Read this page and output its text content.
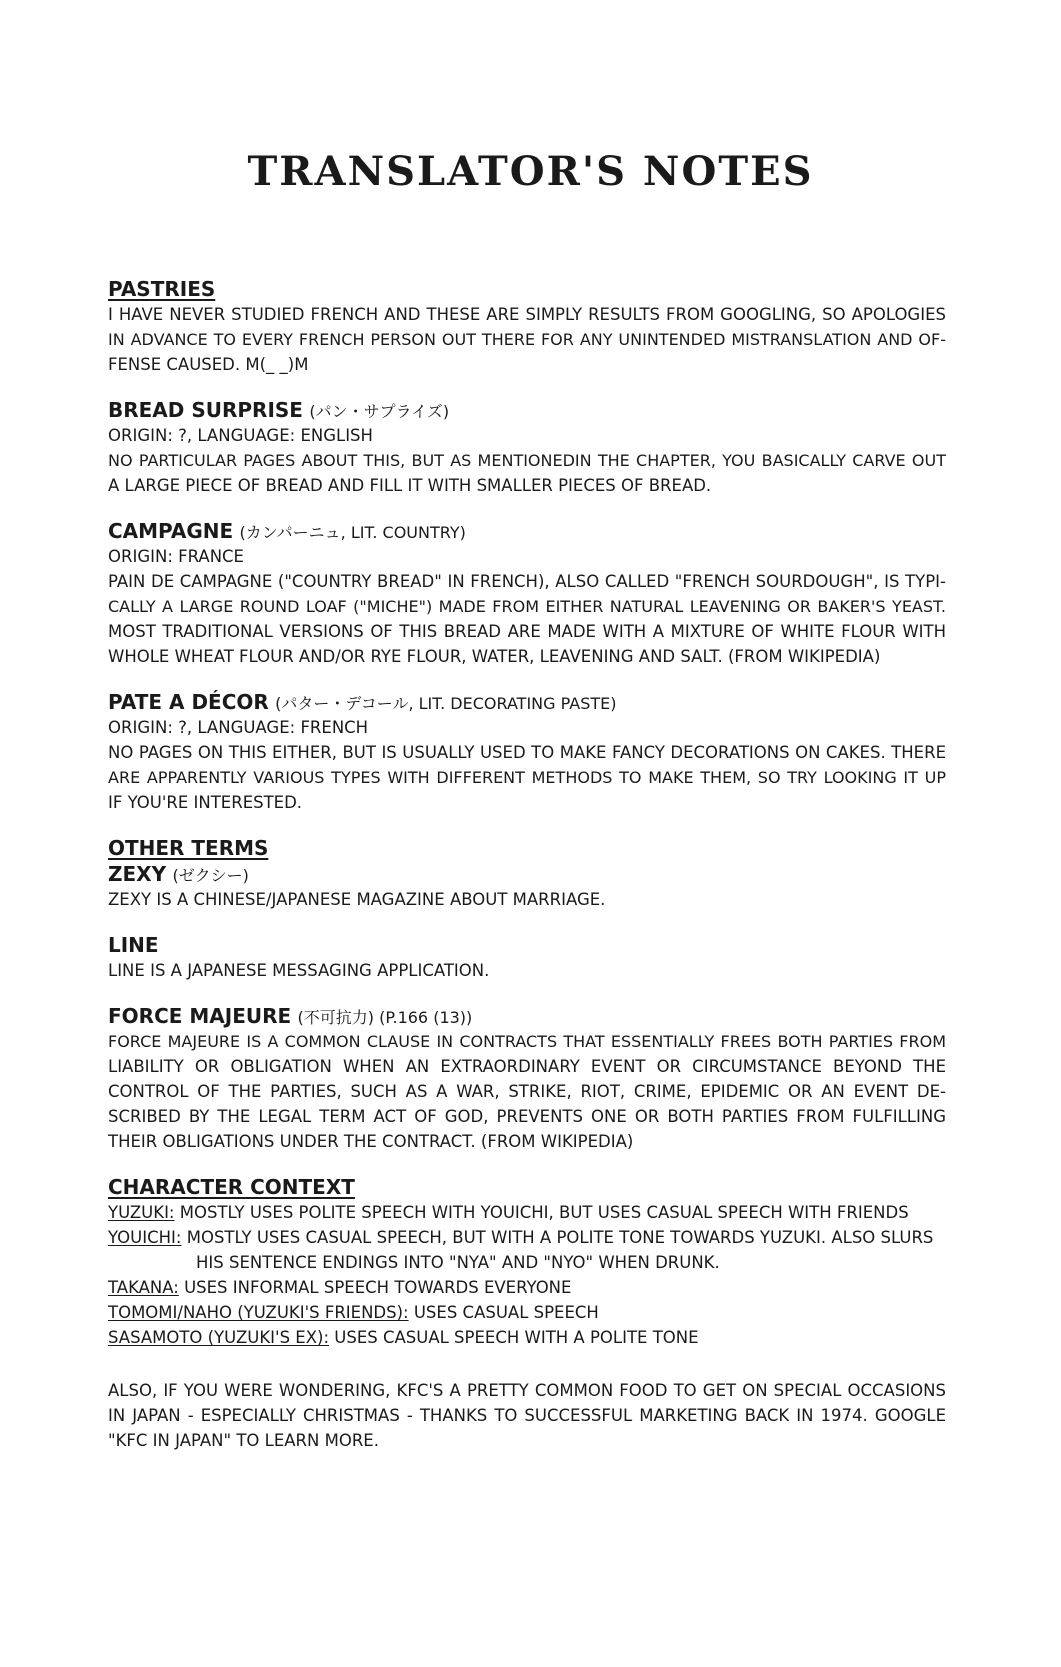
TRANSLATOR'S NOTES
PASTRIES
I HAVE NEVER STUDIED FRENCH AND THESE ARE SIMPLY RESULTS FROM GOOGLING, SO APOLOGIES
IN ADVANCE TO EVERY FRENCH PERSON OUT THERE FOR ANY UNINTENDED MISTRANSLATION AND OF-
FENSE CAUSED. M(_ _)M
BREAD SURPRISE (パン・サプライズ)
ORIGIN: ?, LANGUAGE: ENGLISH
NO PARTICULAR PAGES ABOUT THIS, BUT AS MENTIONEDIN THE CHAPTER, YOU BASICALLY CARVE OUT
A LARGE PIECE OF BREAD AND FILL IT WITH SMALLER PIECES OF BREAD.
CAMPAGNE (カンパーニュ, LIT. COUNTRY)
ORIGIN: FRANCE
PAIN DE CAMPAGNE ("COUNTRY BREAD" IN FRENCH), ALSO CALLED "FRENCH SOURDOUGH", IS TYPI-
CALLY A LARGE ROUND LOAF ("MICHE") MADE FROM EITHER NATURAL LEAVENING OR BAKER'S YEAST.
MOST TRADITIONAL VERSIONS OF THIS BREAD ARE MADE WITH A MIXTURE OF WHITE FLOUR WITH
WHOLE WHEAT FLOUR AND/OR RYE FLOUR, WATER, LEAVENING AND SALT. (FROM WIKIPEDIA)
PATE A DÉCOR (パター・デコール, LIT. DECORATING PASTE)
ORIGIN: ?, LANGUAGE: FRENCH
NO PAGES ON THIS EITHER, BUT IS USUALLY USED TO MAKE FANCY DECORATIONS ON CAKES. THERE
ARE APPARENTLY VARIOUS TYPES WITH DIFFERENT METHODS TO MAKE THEM, SO TRY LOOKING IT UP
IF YOU'RE INTERESTED.
OTHER TERMS
ZEXY (ゼクシー)
ZEXY IS A CHINESE/JAPANESE MAGAZINE ABOUT MARRIAGE.
LINE
LINE IS A JAPANESE MESSAGING APPLICATION.
FORCE MAJEURE (不可抗力) (P.166 (13))
FORCE MAJEURE IS A COMMON CLAUSE IN CONTRACTS THAT ESSENTIALLY FREES BOTH PARTIES FROM
LIABILITY OR OBLIGATION WHEN AN EXTRAORDINARY EVENT OR CIRCUMSTANCE BEYOND THE
CONTROL OF THE PARTIES, SUCH AS A WAR, STRIKE, RIOT, CRIME, EPIDEMIC OR AN EVENT DE-
SCRIBED BY THE LEGAL TERM ACT OF GOD, PREVENTS ONE OR BOTH PARTIES FROM FULFILLING
THEIR OBLIGATIONS UNDER THE CONTRACT. (FROM WIKIPEDIA)
CHARACTER CONTEXT
YUZUKI: MOSTLY USES POLITE SPEECH WITH YOUICHI, BUT USES CASUAL SPEECH WITH FRIENDS
YOUICHI: MOSTLY USES CASUAL SPEECH, BUT WITH A POLITE TONE TOWARDS YUZUKI. ALSO SLURS
HIS SENTENCE ENDINGS INTO "NYA" AND "NYO" WHEN DRUNK.
TAKANA: USES INFORMAL SPEECH TOWARDS EVERYONE
TOMOMI/NAHO (YUZUKI'S FRIENDS): USES CASUAL SPEECH
SASAMOTO (YUZUKI'S EX): USES CASUAL SPEECH WITH A POLITE TONE
ALSO, IF YOU WERE WONDERING, KFC'S A PRETTY COMMON FOOD TO GET ON SPECIAL OCCASIONS
IN JAPAN - ESPECIALLY CHRISTMAS - THANKS TO SUCCESSFUL MARKETING BACK IN 1974. GOOGLE
"KFC IN JAPAN" TO LEARN MORE.
